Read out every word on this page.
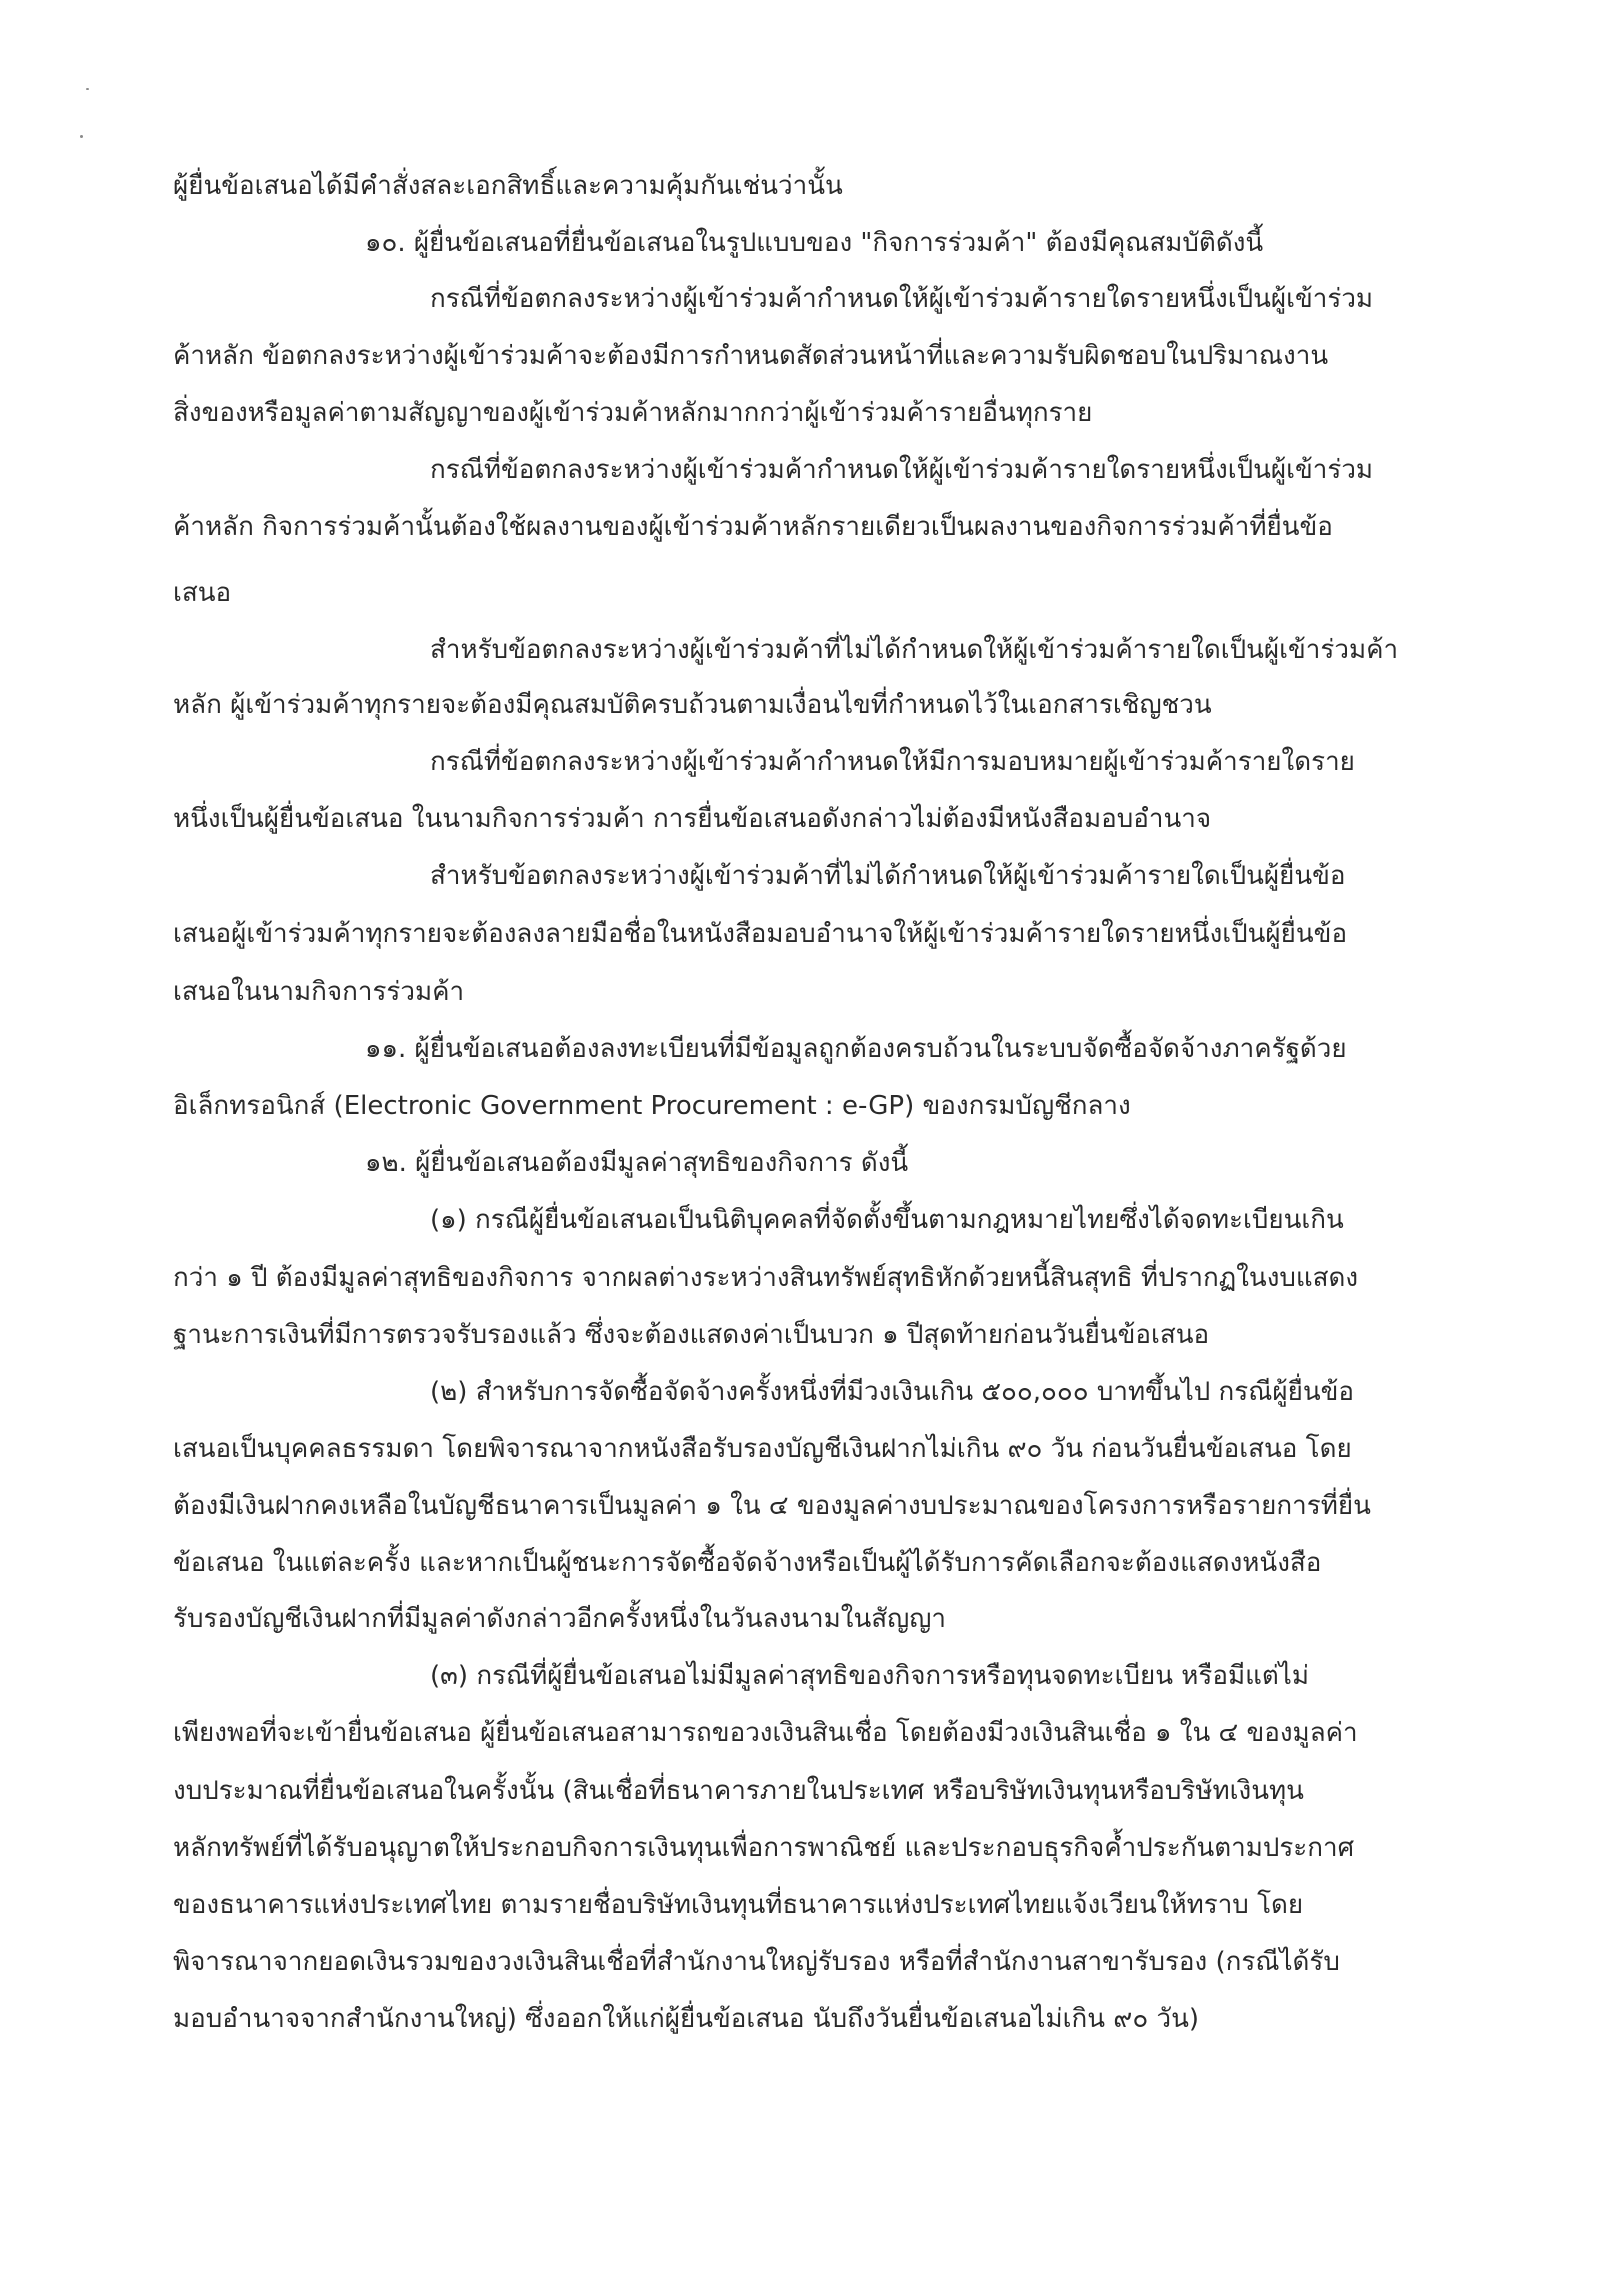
ผู้ยื่นข้อเสนอได้มีคำสั่งสละเอกสิทธิ์และความคุ้มกันเช่นว่านั้น
๑๐. ผู้ยื่นข้อเสนอที่ยื่นข้อเสนอในรูปแบบของ "กิจการร่วมค้า" ต้องมีคุณสมบัติดังนี้
กรณีที่ข้อตกลงระหว่างผู้เข้าร่วมค้ากำหนดให้ผู้เข้าร่วมค้ารายใดรายหนึ่งเป็นผู้เข้าร่วม
ค้าหลัก ข้อตกลงระหว่างผู้เข้าร่วมค้าจะต้องมีการกำหนดสัดส่วนหน้าที่และความรับผิดชอบในปริมาณงาน
สิ่งของหรือมูลค่าตามสัญญาของผู้เข้าร่วมค้าหลักมากกว่าผู้เข้าร่วมค้ารายอื่นทุกราย
กรณีที่ข้อตกลงระหว่างผู้เข้าร่วมค้ากำหนดให้ผู้เข้าร่วมค้ารายใดรายหนึ่งเป็นผู้เข้าร่วม
ค้าหลัก กิจการร่วมค้านั้นต้องใช้ผลงานของผู้เข้าร่วมค้าหลักรายเดียวเป็นผลงานของกิจการร่วมค้าที่ยื่นข้อ
เสนอ
สำหรับข้อตกลงระหว่างผู้เข้าร่วมค้าที่ไม่ได้กำหนดให้ผู้เข้าร่วมค้ารายใดเป็นผู้เข้าร่วมค้า
หลัก ผู้เข้าร่วมค้าทุกรายจะต้องมีคุณสมบัติครบถ้วนตามเงื่อนไขที่กำหนดไว้ในเอกสารเชิญชวน
กรณีที่ข้อตกลงระหว่างผู้เข้าร่วมค้ากำหนดให้มีการมอบหมายผู้เข้าร่วมค้ารายใดราย
หนึ่งเป็นผู้ยื่นข้อเสนอ ในนามกิจการร่วมค้า การยื่นข้อเสนอดังกล่าวไม่ต้องมีหนังสือมอบอำนาจ
สำหรับข้อตกลงระหว่างผู้เข้าร่วมค้าที่ไม่ได้กำหนดให้ผู้เข้าร่วมค้ารายใดเป็นผู้ยื่นข้อ
เสนอผู้เข้าร่วมค้าทุกรายจะต้องลงลายมือชื่อในหนังสือมอบอำนาจให้ผู้เข้าร่วมค้ารายใดรายหนึ่งเป็นผู้ยื่นข้อ
เสนอในนามกิจการร่วมค้า
๑๑. ผู้ยื่นข้อเสนอต้องลงทะเบียนที่มีข้อมูลถูกต้องครบถ้วนในระบบจัดซื้อจัดจ้างภาครัฐด้วย
อิเล็กทรอนิกส์ (Electronic Government Procurement : e-GP) ของกรมบัญชีกลาง
๑๒. ผู้ยื่นข้อเสนอต้องมีมูลค่าสุทธิของกิจการ ดังนี้
(๑) กรณีผู้ยื่นข้อเสนอเป็นนิติบุคคลที่จัดตั้งขึ้นตามกฎหมายไทยซึ่งได้จดทะเบียนเกิน
กว่า ๑ ปี ต้องมีมูลค่าสุทธิของกิจการ จากผลต่างระหว่างสินทรัพย์สุทธิหักด้วยหนี้สินสุทธิ ที่ปรากฏในงบแสดง
ฐานะการเงินที่มีการตรวจรับรองแล้ว ซึ่งจะต้องแสดงค่าเป็นบวก ๑ ปีสุดท้ายก่อนวันยื่นข้อเสนอ
(๒) สำหรับการจัดซื้อจัดจ้างครั้งหนึ่งที่มีวงเงินเกิน ๕๐๐,๐๐๐ บาทขึ้นไป กรณีผู้ยื่นข้อ
เสนอเป็นบุคคลธรรมดา โดยพิจารณาจากหนังสือรับรองบัญชีเงินฝากไม่เกิน ๙๐ วัน ก่อนวันยื่นข้อเสนอ โดย
ต้องมีเงินฝากคงเหลือในบัญชีธนาคารเป็นมูลค่า ๑ ใน ๔ ของมูลค่างบประมาณของโครงการหรือรายการที่ยื่น
ข้อเสนอ ในแต่ละครั้ง และหากเป็นผู้ชนะการจัดซื้อจัดจ้างหรือเป็นผู้ได้รับการคัดเลือกจะต้องแสดงหนังสือ
รับรองบัญชีเงินฝากที่มีมูลค่าดังกล่าวอีกครั้งหนึ่งในวันลงนามในสัญญา
(๓) กรณีที่ผู้ยื่นข้อเสนอไม่มีมูลค่าสุทธิของกิจการหรือทุนจดทะเบียน หรือมีแต่ไม่
เพียงพอที่จะเข้ายื่นข้อเสนอ ผู้ยื่นข้อเสนอสามารถขอวงเงินสินเชื่อ โดยต้องมีวงเงินสินเชื่อ ๑ ใน ๔ ของมูลค่า
งบประมาณที่ยื่นข้อเสนอในครั้งนั้น (สินเชื่อที่ธนาคารภายในประเทศ หรือบริษัทเงินทุนหรือบริษัทเงินทุน
หลักทรัพย์ที่ได้รับอนุญาตให้ประกอบกิจการเงินทุนเพื่อการพาณิชย์ และประกอบธุรกิจค้ำประกันตามประกาศ
ของธนาคารแห่งประเทศไทย ตามรายชื่อบริษัทเงินทุนที่ธนาคารแห่งประเทศไทยแจ้งเวียนให้ทราบ โดย
พิจารณาจากยอดเงินรวมของวงเงินสินเชื่อที่สำนักงานใหญ่รับรอง หรือที่สำนักงานสาขารับรอง (กรณีได้รับ
มอบอำนาจจากสำนักงานใหญ่) ซึ่งออกให้แก่ผู้ยื่นข้อเสนอ นับถึงวันยื่นข้อเสนอไม่เกิน ๙๐ วัน)
